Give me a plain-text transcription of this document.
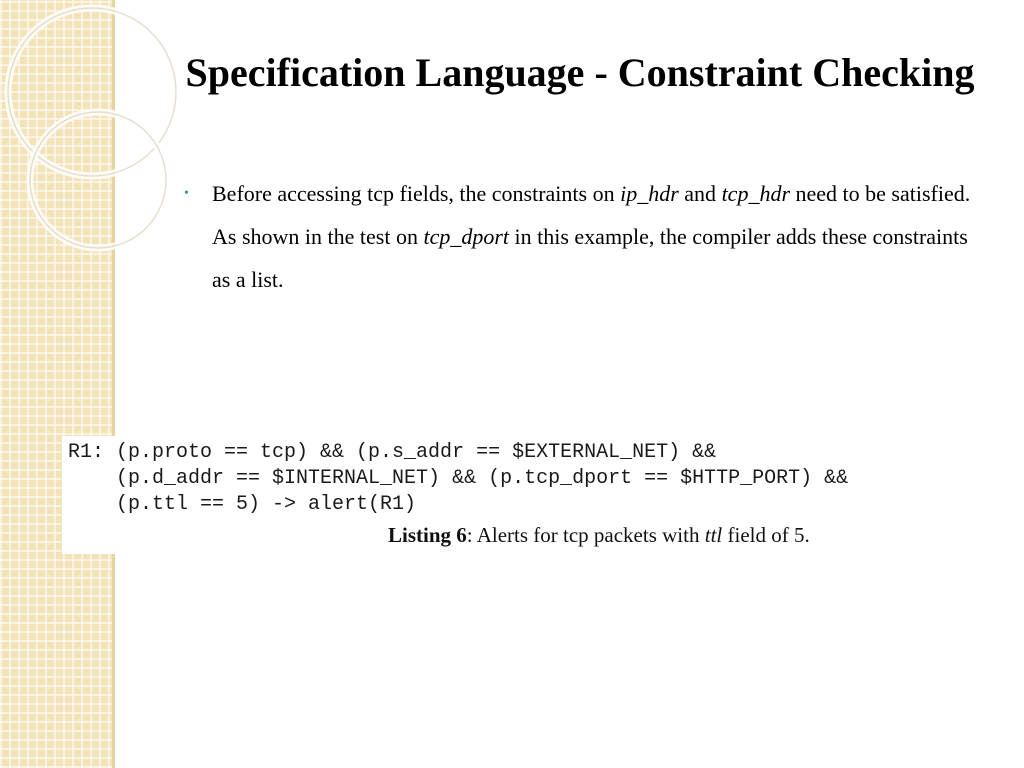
Specification Language - Constraint Checking
• Before accessing tcp fields, the constraints on ip_hdr and tcp_hdr need to be satisfied. As shown in the test on tcp_dport in this example, the compiler adds these constraints as a list.
R1: (p.proto == tcp) && (p.s_addr == $EXTERNAL_NET) &&
(p.d_addr == $INTERNAL_NET) && (p.tcp_dport == $HTTP_PORT) &&
(p.ttl == 5) -> alert(R1)
Listing 6: Alerts for tcp packets with ttl field of 5.
